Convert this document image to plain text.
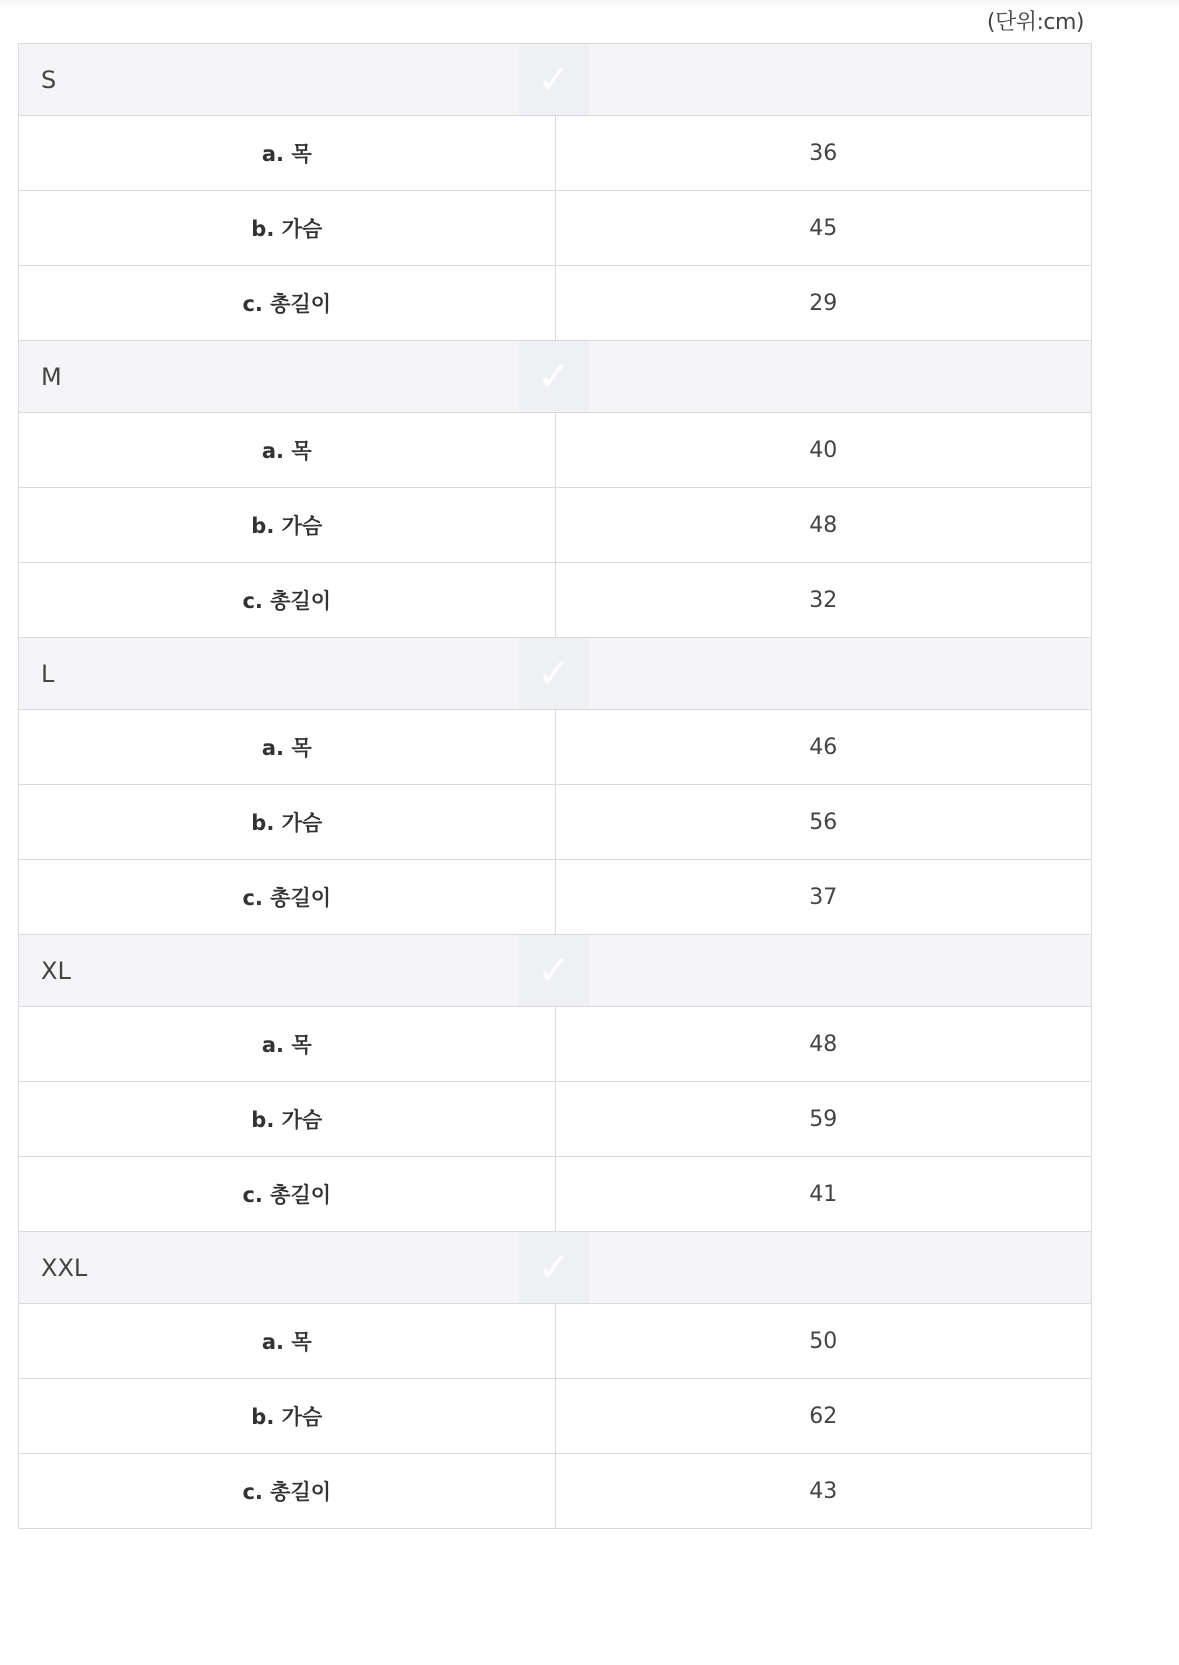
(단위:cm)
S ✓	

a. 목	36
b. 가슴	45
c. 총길이	29
M ✓	

a. 목	40
b. 가슴	48
c. 총길이	32
L ✓	

a. 목	46
b. 가슴	56
c. 총길이	37
XL ✓	

a. 목	48
b. 가슴	59
c. 총길이	41
XXL ✓	

a. 목	50
b. 가슴	62
c. 총길이	43
